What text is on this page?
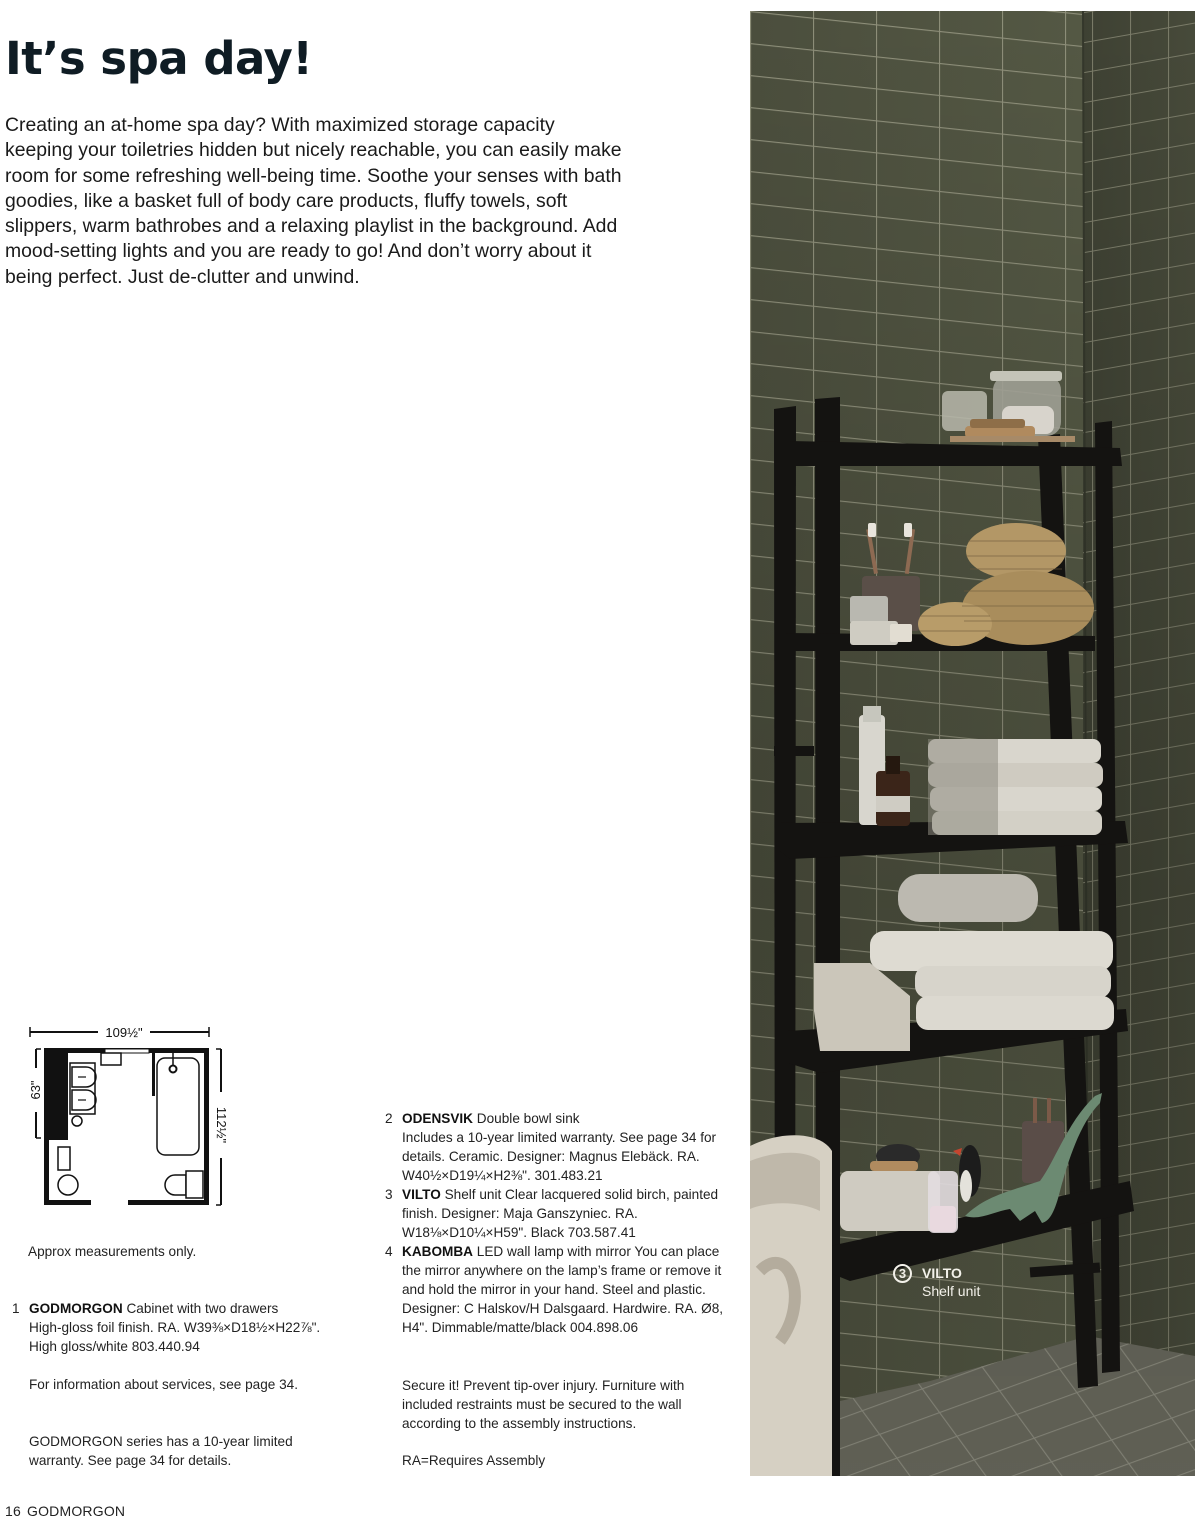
It’s spa day!

Creating an at-home spa day? With maximized storage capacity keeping your toiletries hidden but nicely reachable, you can easily make room for some refreshing well-being time. Soothe your senses with bath goodies, like a basket full of body care products, fluffy towels, soft slippers, warm bathrobes and a relaxing playlist in the background. Add mood-setting lights and you are ready to go! And don’t worry about it being perfect. Just de-clutter and unwind.

109½"
63"
112½"

Approx measurements only.

1 GODMORGON Cabinet with two drawers
High-gloss foil finish. RA. W39⅜×D18½×H22⅞". High gloss/white 803.440.94

For information about services, see page 34.

GODMORGON series has a 10-year limited warranty. See page 34 for details.

2 ODENSVIK Double bowl sink
Includes a 10-year limited warranty. See page 34 for details. Ceramic. Designer: Magnus Elebäck. RA. W40½×D19¼×H2⅜". 301.483.21
3 VILTO Shelf unit Clear lacquered solid birch, painted finish. Designer: Maja Ganszyniec. RA. W18⅛×D10¼×H59". Black 703.587.41
4 KABOMBA LED wall lamp with mirror You can place the mirror anywhere on the lamp’s frame or remove it and hold the mirror in your hand. Steel and plastic. Designer: C Halskov/H Dalsgaard. Hardwire. RA. Ø8, H4". Dimmable/matte/black 004.898.06

Secure it! Prevent tip-over injury. Furniture with included restraints must be secured to the wall according to the assembly instructions.

RA=Requires Assembly

3	VILTO
Shelf unit

16 GODMORGON
